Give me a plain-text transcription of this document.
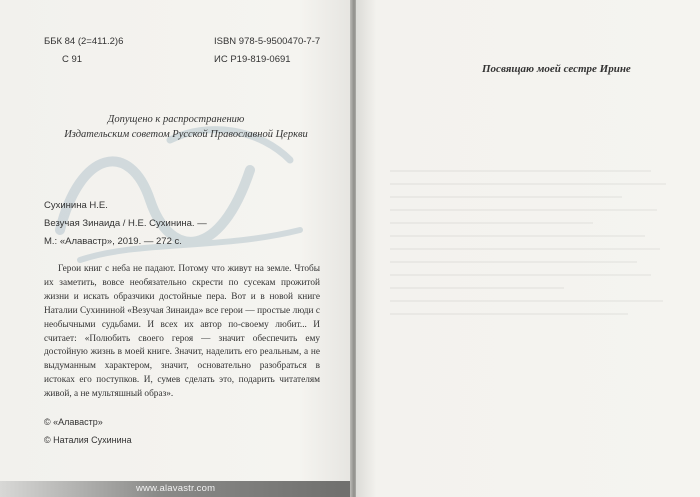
ББК 84 (2=411.2)6
С 91
ISBN 978-5-9500470-7-7
ИС Р19-819-0691
Допущено к распространению
Издательским советом Русской Православной Церкви
Сухинина Н.Е.
Везучая Зинаида / Н.Е. Сухинина. —
М.: «Алавастр», 2019. — 272 с.
Герои книг с неба не падают. Потому что живут на земле. Чтобы их заметить, вовсе необязательно скрести по сусекам прожитой жизни и искать образчики достойные пера. Вот и в новой книге Наталии Сухининой «Везучая Зинаида» все герои — простые люди с необычными судьбами. И всех их автор по-своему любит... И считает: «Полюбить своего героя — значит обеспечить ему достойную жизнь в моей книге. Значит, наделить его реальным, а не выдуманным характером, значит, основательно разобраться в истоках его поступков. И, сумев сделать это, подарить читателям живой, а не мультяшный образ».
© «Алавастр»
© Наталия Сухинина
www.alavastr.com
Посвящаю моей сестре Ирине
